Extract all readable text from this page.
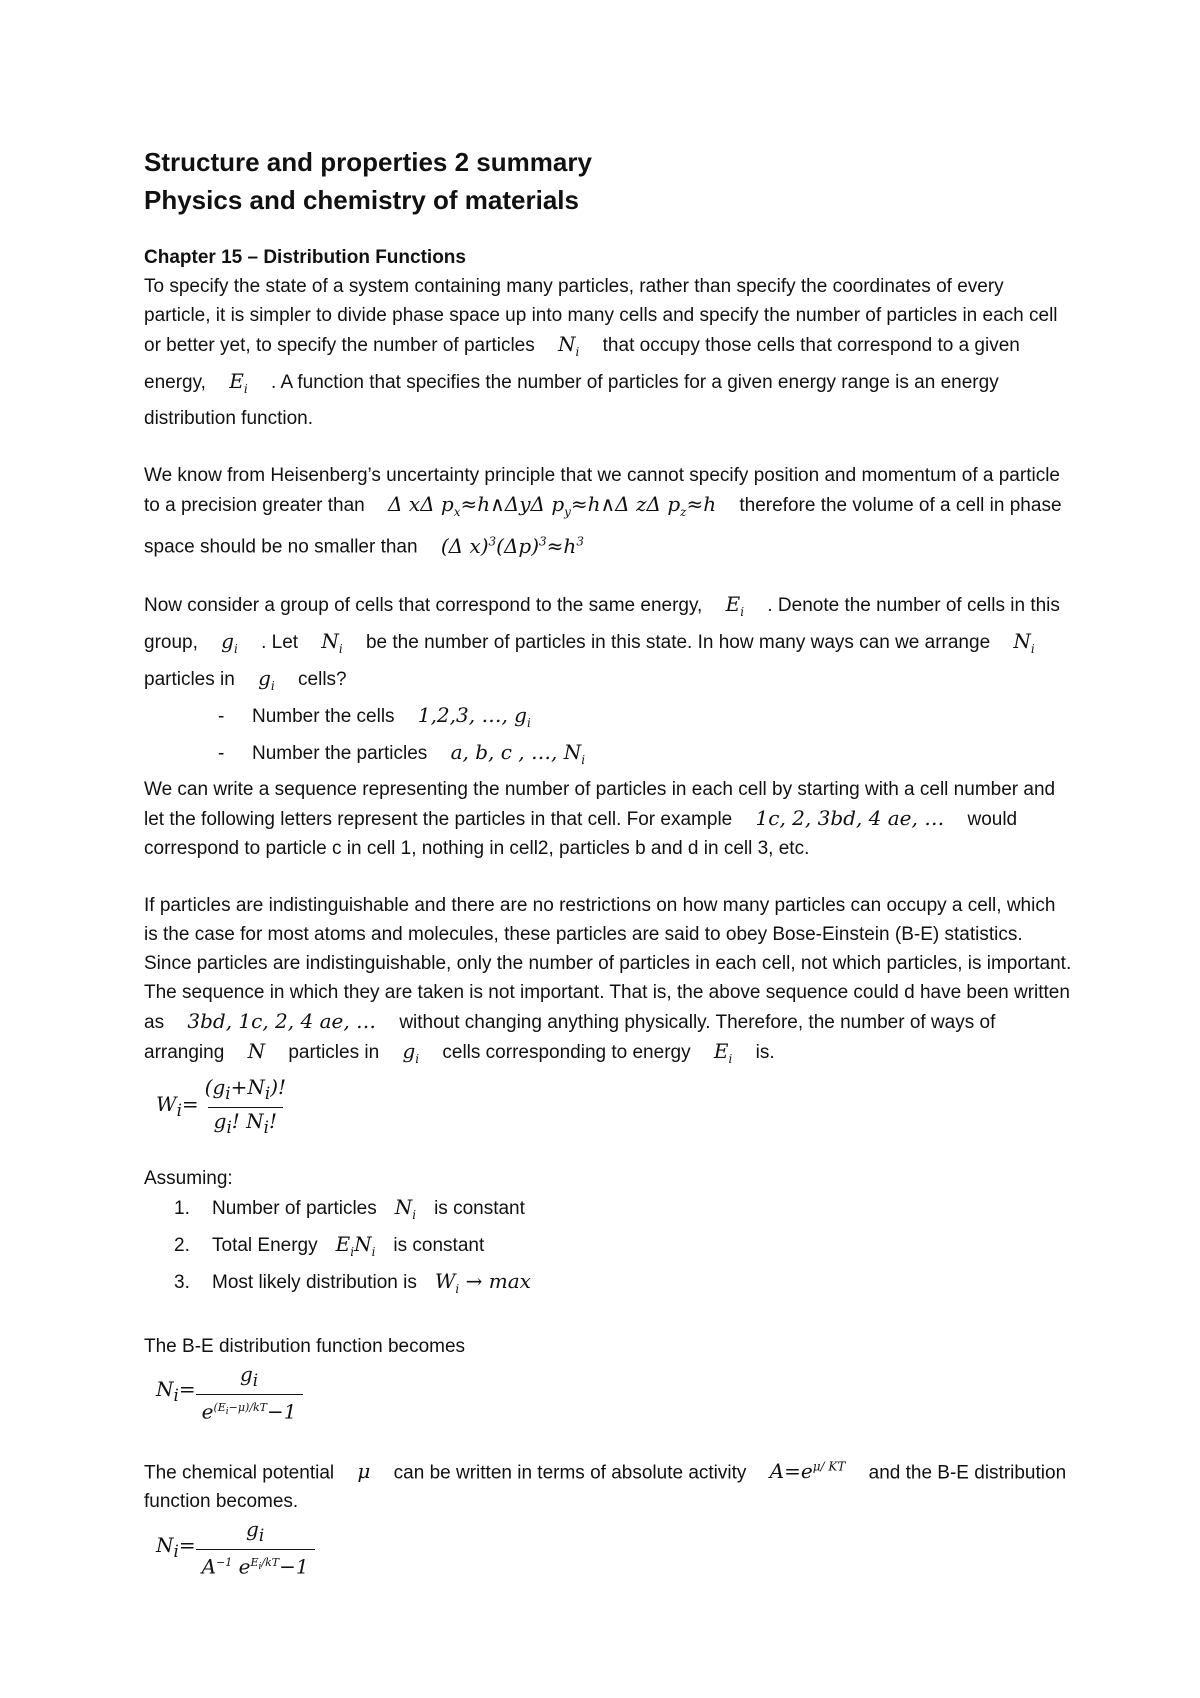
Structure and properties 2 summary
Physics and chemistry of materials
Chapter 15 – Distribution Functions

To specify the state of a system containing many particles, rather than specify the coordinates of every particle, it is simpler to divide phase space up into many cells and specify the number of particles in each cell or better yet, to specify the number of particles $N_i$ that occupy those cells that correspond to a given energy, $E_i$ . A function that specifies the number of particles for a given energy range is an energy distribution function.

We know from Heisenberg’s uncertainty principle that we cannot specify position and momentum of a particle to a precision greater than Δ xΔ $p_x\approx h\wedge\Delta y\Delta$ $p_y\approx h\wedge\Delta$ zΔ $p_z\approx h$ therefore the volume of a cell in phase space should be no smaller than (Δ $x)^3(\Delta p)^3\approx h^3$

Now consider a group of cells that correspond to the same energy, $E_i$ . Denote the number of cells in this group, $g_i$ . Let $N_i$ be the number of particles in this state. In how many ways can we arrange $N_i$ particles in $g_i$ cells?

- Number the cells 1,2,3, …, $g_i$
- Number the particles a, b, c , …, $N_i$

We can write a sequence representing the number of particles in each cell by starting with a cell number and let the following letters represent the particles in that cell. For example 1c, 2, 3bd, 4 ae, … would correspond to particle c in cell 1, nothing in cell2, particles b and d in cell 3, etc.

If particles are indistinguishable and there are no restrictions on how many particles can occupy a cell, which is the case for most atoms and molecules, these particles are said to obey Bose-Einstein (B-E) statistics. Since particles are indistinguishable, only the number of particles in each cell, not which particles, is important. The sequence in which they are taken is not important. That is, the above sequence could d have been written as 3bd, 1c, 2, 4 ae, … without changing anything physically. Therefore, the number of ways of arranging N particles in $g_i$ cells corresponding to energy $E_i$ is.

$W_i= \frac{(g_i+N_i)!}{g_i! N_i!}$

Assuming:

1. Number of particles $N_i$ is constant
2. Total Energy $E_iN_i$ is constant
3. Most likely distribution is $W_i \to \max$

The B-E distribution function becomes

$N_i= \frac{g_i}{e^{(E_i-\mu)/kT}-1}$

The chemical potential μ can be written in terms of absolute activity $A=e^{\mu/ KT}$ and the B-E distribution function becomes.

$N_i= \frac{g_i}{A^{-1} e^{E_i/kT}-1}$
